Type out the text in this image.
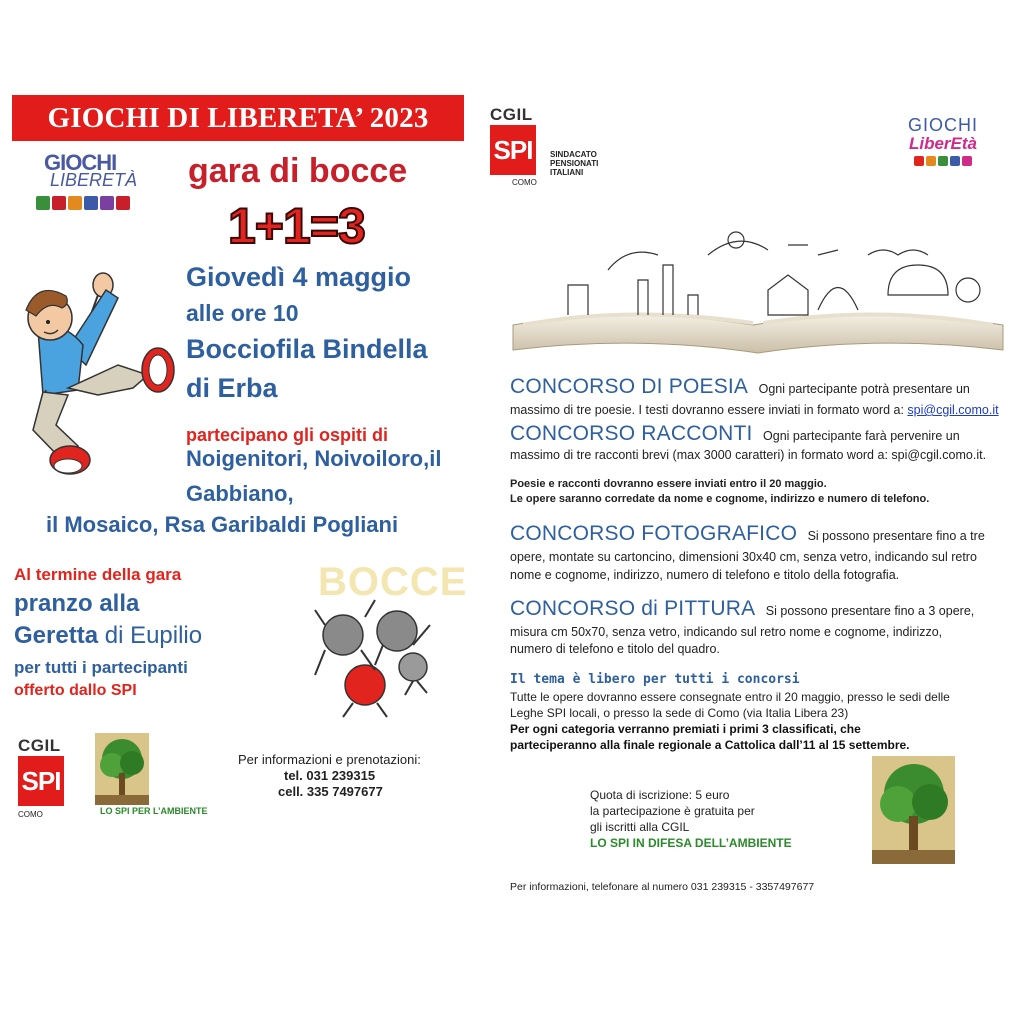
GIOCHI DI LIBERETA’ 2023
GIOCHI
LIBERETÀ gara di bocce
1+1=3
Giovedì 4 maggio
alle ore 10
Bocciofila Bindella
di Erba
partecipano gli ospiti di
Noigenitori, Noivoiloro,il
Gabbiano,
il Mosaico, Rsa Garibaldi Pogliani
Al termine della gara
pranzo alla
Geretta di Eupilio
per tutti i partecipanti
offerto dallo SPI
BOCCE
CGIL
SPI
COMO	LO SPI PER L’AMBIENTE
Per informazioni e prenotazioni:
tel. 031 239315
cell. 335 7497677
CGIL
SPI	SINDACATO
PENSIONATI
ITALIANI
COMO
GIOCHI
LiberEtà
CONCORSO DI POESIA Ogni partecipante potrà presentare un
massimo di tre poesie. I testi dovranno essere inviati in formato word a: spi@cgil.como.it
CONCORSO RACCONTI Ogni partecipante farà pervenire un
massimo di tre racconti brevi (max 3000 caratteri) in formato word a: spi@cgil.como.it.
Poesie e racconti dovranno essere inviati entro il 20 maggio.
Le opere saranno corredate da nome e cognome, indirizzo e numero di telefono.
CONCORSO FOTOGRAFICO Si possono presentare fino a tre
opere, montate su cartoncino, dimensioni 30x40 cm, senza vetro, indicando sul retro
nome e cognome, indirizzo, numero di telefono e titolo della fotografia.
CONCORSO di PITTURA Si possono presentare fino a 3 opere,
misura cm 50x70, senza vetro, indicando sul retro nome e cognome, indirizzo,
numero di telefono e titolo del quadro.
Il tema è libero per tutti i concorsi
Tutte le opere dovranno essere consegnate entro il 20 maggio, presso le sedi delle
Leghe SPI locali, o presso la sede di Como (via Italia Libera 23)
Per ogni categoria verranno premiati i primi 3 classificati, che
parteciperanno alla finale regionale a Cattolica dall’11 al 15 settembre.
Quota di iscrizione: 5 euro
la partecipazione è gratuita per
gli iscritti alla CGIL
LO SPI IN DIFESA DELL’AMBIENTE
Per informazioni, telefonare al numero 031 239315 - 3357497677
